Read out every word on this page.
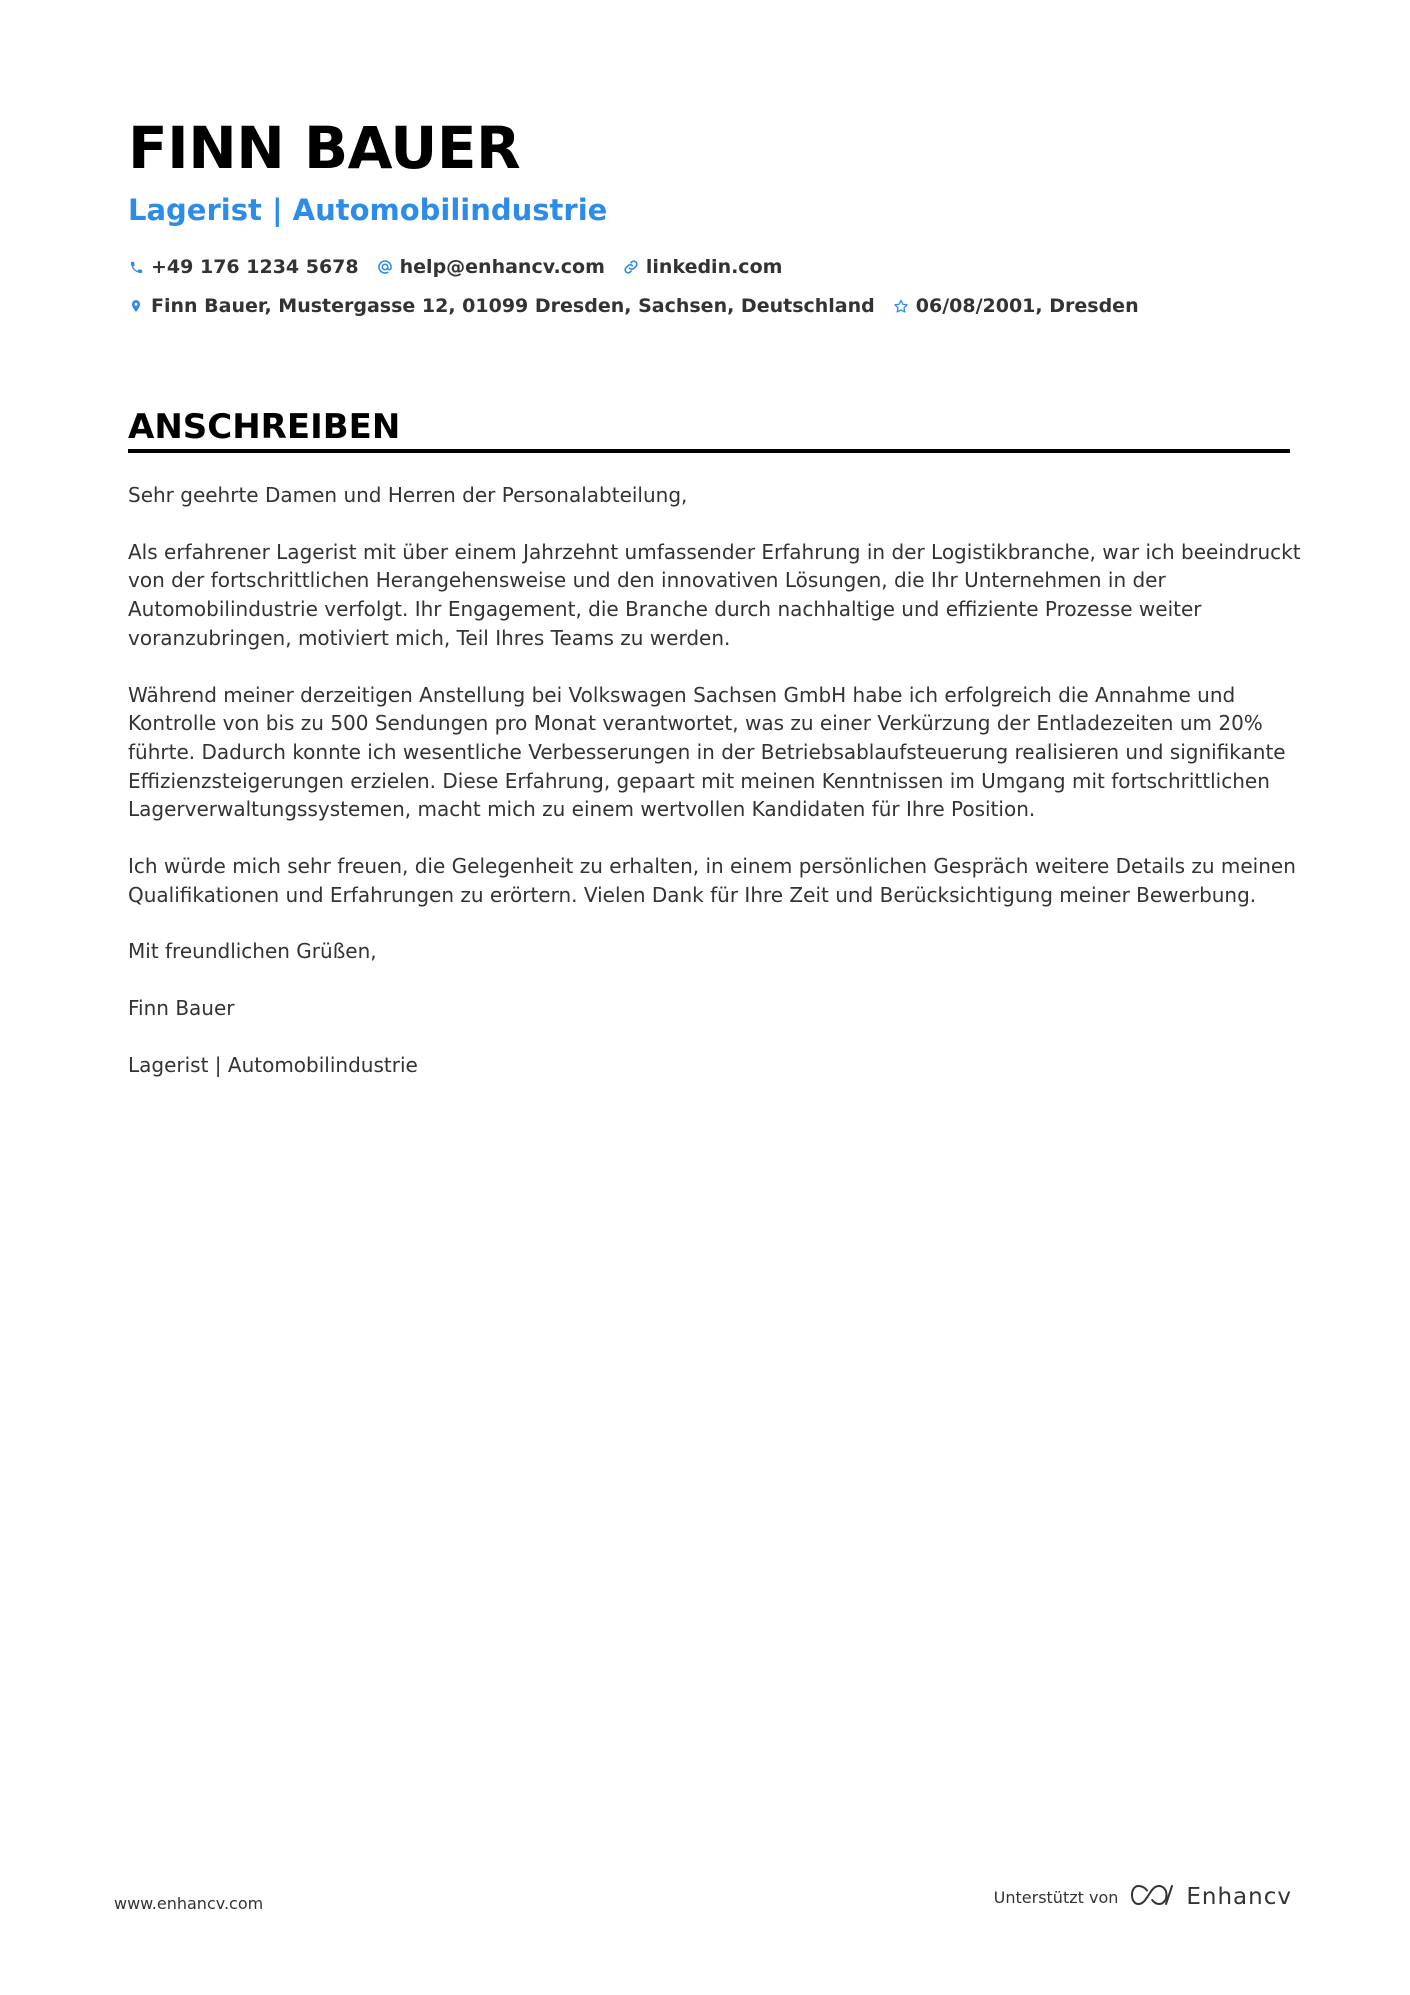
FINN BAUER
Lagerist | Automobilindustrie
+49 176 1234 5678 help@enhancv.com linkedin.com
Finn Bauer, Mustergasse 12, 01099 Dresden, Sachsen, Deutschland 06/08/2001, Dresden
ANSCHREIBEN

Sehr geehrte Damen und Herren der Personalabteilung,

Als erfahrener Lagerist mit über einem Jahrzehnt umfassender Erfahrung in der Logistikbranche, war ich beeindruckt von der fortschrittlichen Herangehensweise und den innovativen Lösungen, die Ihr Unternehmen in der Automobilindustrie verfolgt. Ihr Engagement, die Branche durch nachhaltige und effiziente Prozesse weiter voranzubringen, motiviert mich, Teil Ihres Teams zu werden.

Während meiner derzeitigen Anstellung bei Volkswagen Sachsen GmbH habe ich erfolgreich die Annahme und Kontrolle von bis zu 500 Sendungen pro Monat verantwortet, was zu einer Verkürzung der Entladezeiten um 20% führte. Dadurch konnte ich wesentliche Verbesserungen in der Betriebsablaufsteuerung realisieren und signifikante Effizienzsteigerungen erzielen. Diese Erfahrung, gepaart mit meinen Kenntnissen im Umgang mit fortschrittlichen Lagerverwaltungssystemen, macht mich zu einem wertvollen Kandidaten für Ihre Position.

Ich würde mich sehr freuen, die Gelegenheit zu erhalten, in einem persönlichen Gespräch weitere Details zu meinen Qualifikationen und Erfahrungen zu erörtern. Vielen Dank für Ihre Zeit und Berücksichtigung meiner Bewerbung.

Mit freundlichen Grüßen,

Finn Bauer

Lagerist | Automobilindustrie

www.enhancv.com	Unterstützt von	Enhancv
